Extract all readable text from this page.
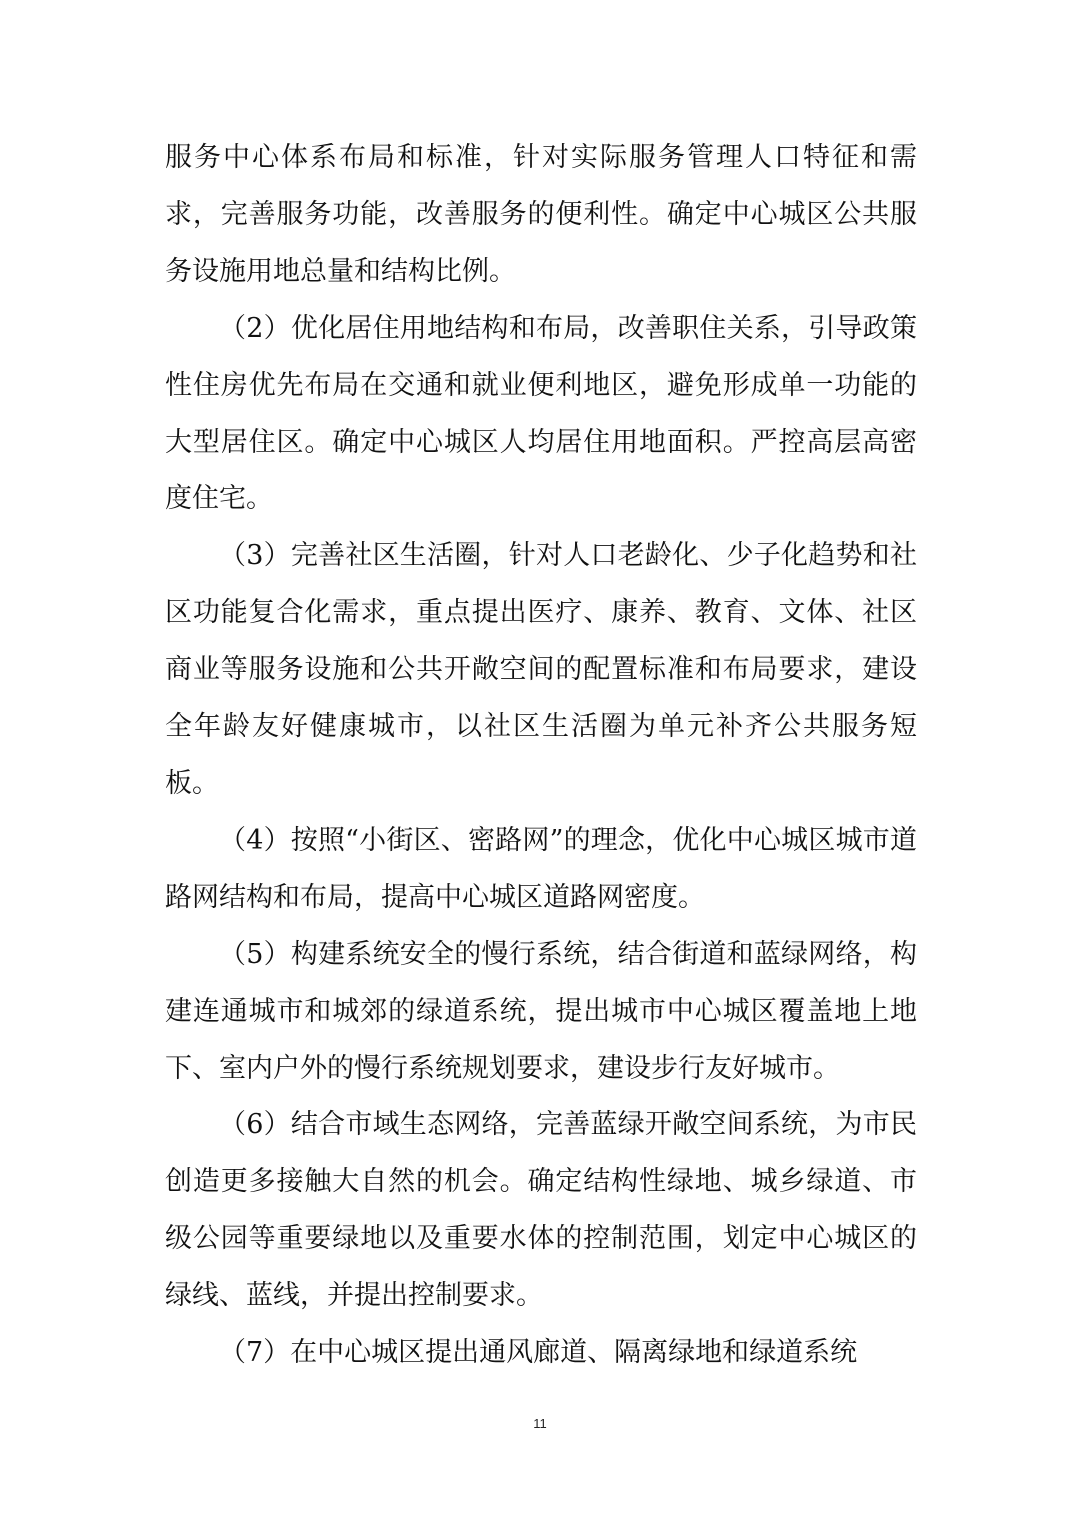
服务中心体系布局和标准，针对实际服务管理人口特征和需求，完善服务功能，改善服务的便利性。确定中心城区公共服务设施用地总量和结构比例。

（2）优化居住用地结构和布局，改善职住关系，引导政策性住房优先布局在交通和就业便利地区，避免形成单一功能的大型居住区。确定中心城区人均居住用地面积。严控高层高密度住宅。

（3）完善社区生活圈，针对人口老龄化、少子化趋势和社区功能复合化需求，重点提出医疗、康养、教育、文体、社区商业等服务设施和公共开敞空间的配置标准和布局要求，建设全年龄友好健康城市，以社区生活圈为单元补齐公共服务短板。

（4）按照“小街区、密路网”的理念，优化中心城区城市道路网结构和布局，提高中心城区道路网密度。

（5）构建系统安全的慢行系统，结合街道和蓝绿网络，构建连通城市和城郊的绿道系统，提出城市中心城区覆盖地上地下、室内户外的慢行系统规划要求，建设步行友好城市。

（6）结合市域生态网络，完善蓝绿开敞空间系统，为市民创造更多接触大自然的机会。确定结构性绿地、城乡绿道、市级公园等重要绿地以及重要水体的控制范围，划定中心城区的绿线、蓝线，并提出控制要求。

（7）在中心城区提出通风廊道、隔离绿地和绿道系统

11
